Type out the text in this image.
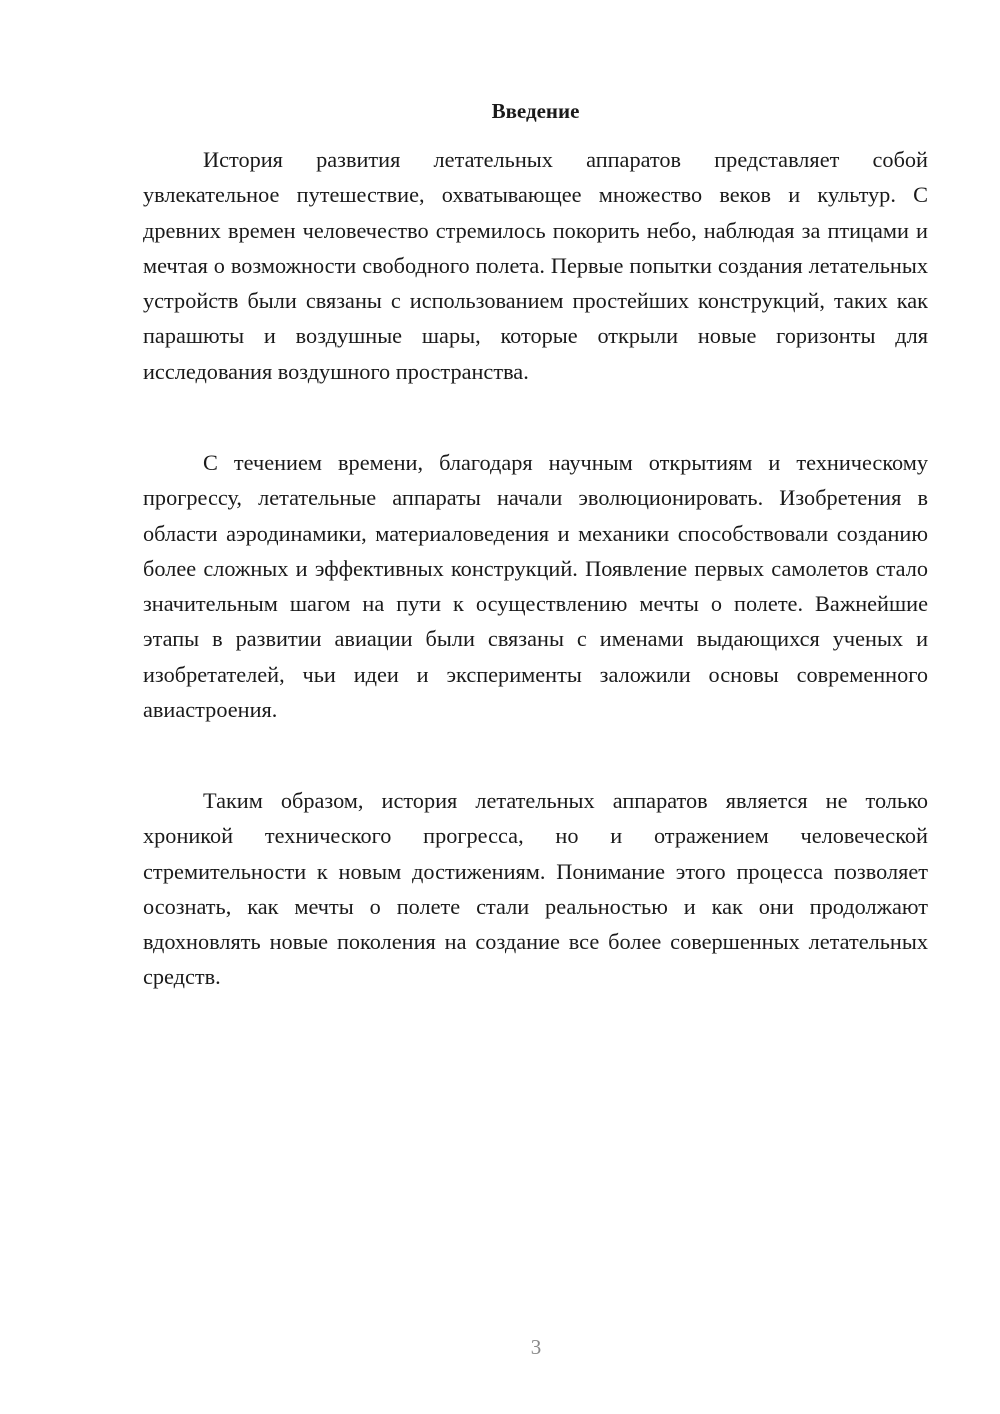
Введение

История развития летательных аппаратов представляет собой увлекательное путешествие, охватывающее множество веков и культур. С древних времен человечество стремилось покорить небо, наблюдая за птицами и мечтая о возможности свободного полета. Первые попытки создания летательных устройств были связаны с использованием простейших конструкций, таких как парашюты и воздушные шары, которые открыли новые горизонты для исследования воздушного пространства.

С течением времени, благодаря научным открытиям и техническому прогрессу, летательные аппараты начали эволюционировать. Изобретения в области аэродинамики, материаловедения и механики способствовали созданию более сложных и эффективных конструкций. Появление первых самолетов стало значительным шагом на пути к осуществлению мечты о полете. Важнейшие этапы в развитии авиации были связаны с именами выдающихся ученых и изобретателей, чьи идеи и эксперименты заложили основы современного авиастроения.

Таким образом, история летательных аппаратов является не только хроникой технического прогресса, но и отражением человеческой стремительности к новым достижениям. Понимание этого процесса позволяет осознать, как мечты о полете стали реальностью и как они продолжают вдохновлять новые поколения на создание все более совершенных летательных средств.

3
